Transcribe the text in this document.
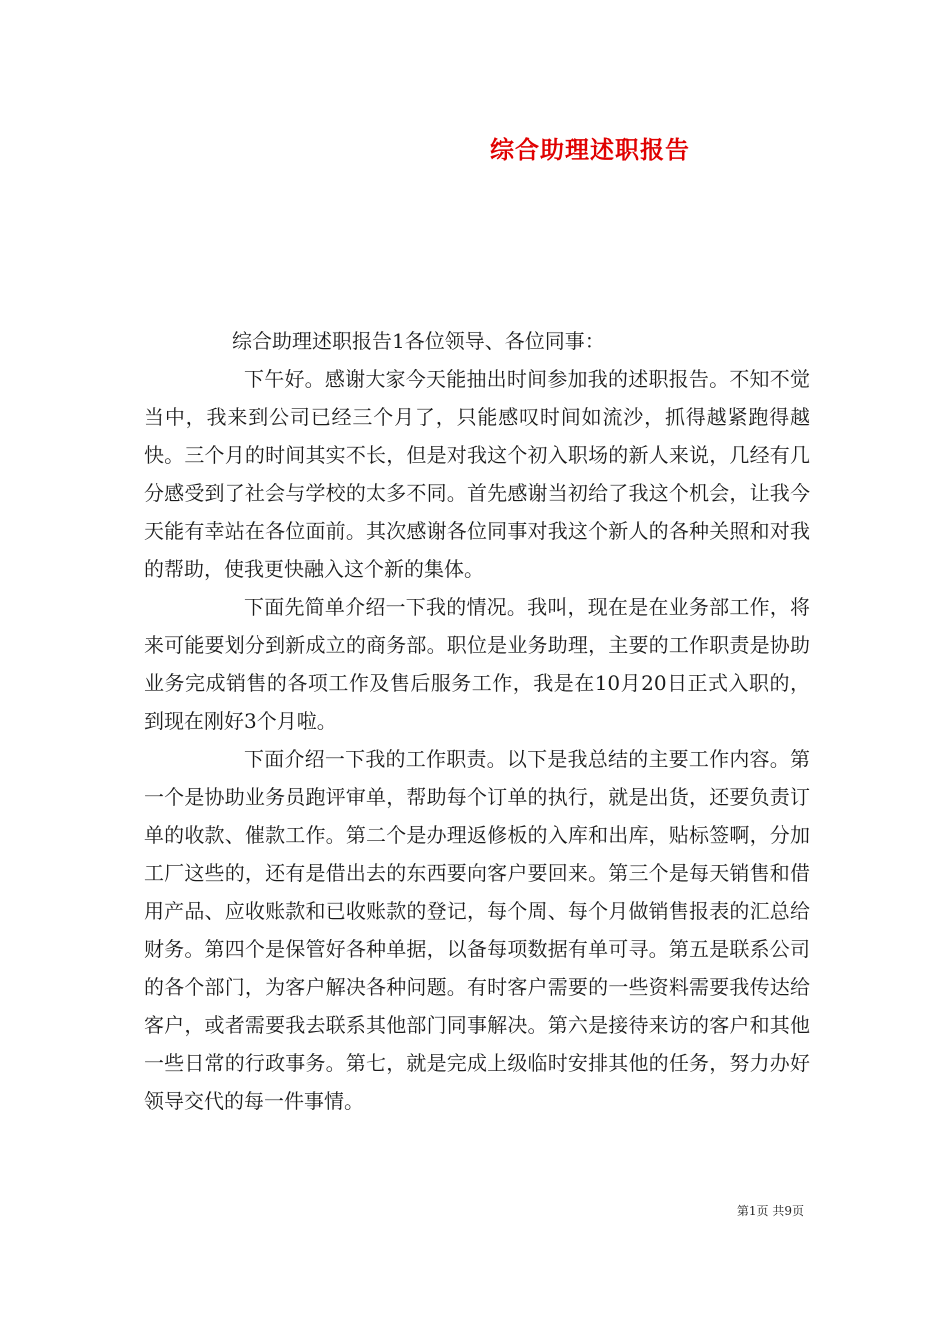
综合助理述职报告

综合助理述职报告1各位领导、各位同事：

下午好。感谢大家今天能抽出时间参加我的述职报告。不知不觉当中，我来到公司已经三个月了，只能感叹时间如流沙，抓得越紧跑得越快。三个月的时间其实不长，但是对我这个初入职场的新人来说，几经有几分感受到了社会与学校的太多不同。首先感谢当初给了我这个机会，让我今天能有幸站在各位面前。其次感谢各位同事对我这个新人的各种关照和对我的帮助，使我更快融入这个新的集体。

下面先简单介绍一下我的情况。我叫，现在是在业务部工作，将来可能要划分到新成立的商务部。职位是业务助理，主要的工作职责是协助业务完成销售的各项工作及售后服务工作，我是在10月20日正式入职的，到现在刚好3个月啦。

下面介绍一下我的工作职责。以下是我总结的主要工作内容。第一个是协助业务员跑评审单，帮助每个订单的执行，就是出货，还要负责订单的收款、催款工作。第二个是办理返修板的入库和出库，贴标签啊，分加工厂这些的，还有是借出去的东西要向客户要回来。第三个是每天销售和借用产品、应收账款和已收账款的登记，每个周、每个月做销售报表的汇总给财务。第四个是保管好各种单据，以备每项数据有单可寻。第五是联系公司的各个部门，为客户解决各种问题。有时客户需要的一些资料需要我传达给客户，或者需要我去联系其他部门同事解决。第六是接待来访的客户和其他一些日常的行政事务。第七，就是完成上级临时安排其他的任务，努力办好领导交代的每一件事情。

第1页 共9页
